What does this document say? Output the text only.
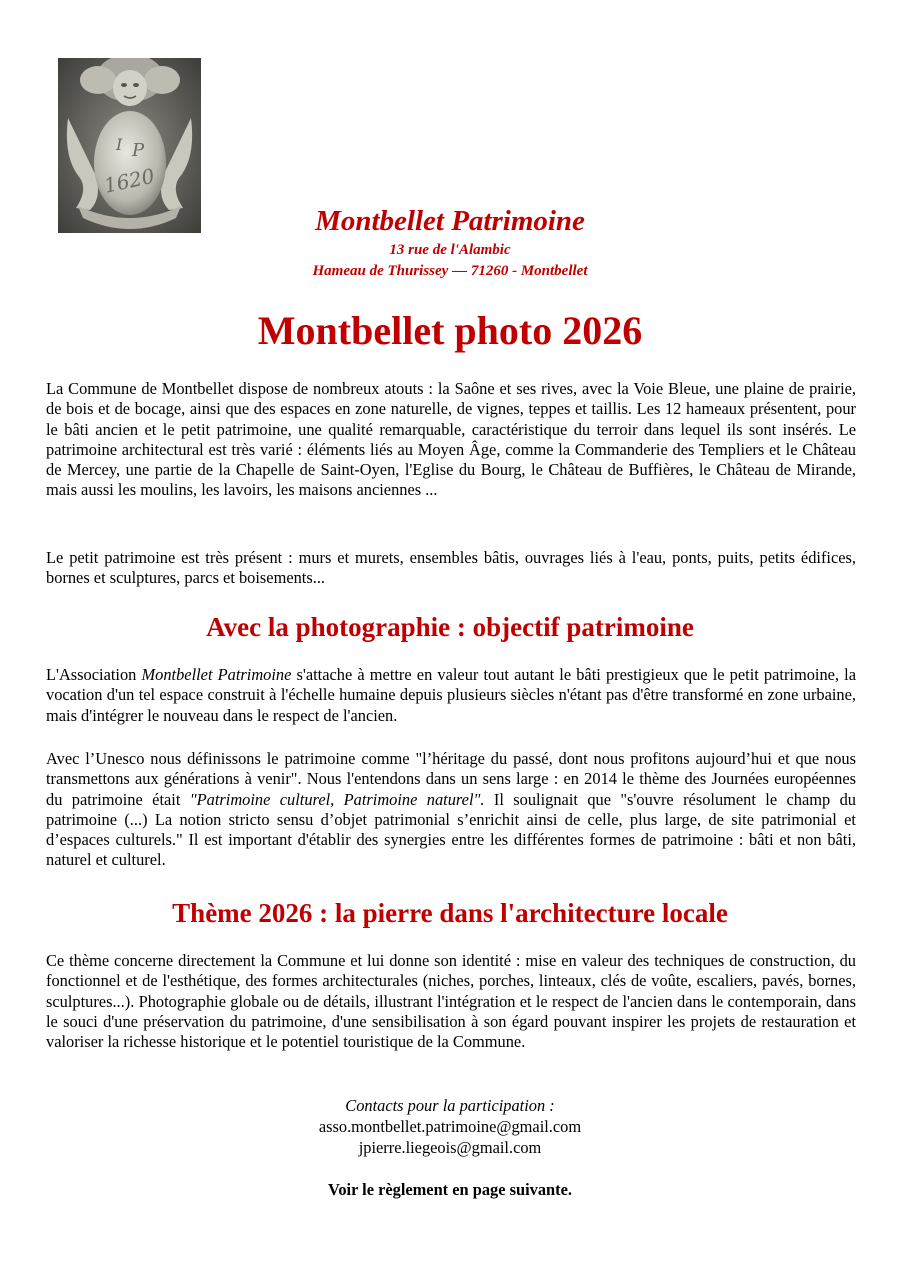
I P
1620
Montbellet Patrimoine
13 rue de l'Alambic
Hameau de Thurissey — 71260 - Montbellet
Montbellet photo 2026

La Commune de Montbellet dispose de nombreux atouts : la Saône et ses rives, avec la Voie Bleue, une plaine de prairie, de bois et de bocage, ainsi que des espaces en zone naturelle, de vignes, teppes et taillis. Les 12 hameaux présentent, pour le bâti ancien et le petit patrimoine, une qualité remarquable, caractéristique du terroir dans lequel ils sont insérés. Le patrimoine architectural est très varié : éléments liés au Moyen Âge, comme la Commanderie des Templiers et le Château de Mercey, une partie de la Chapelle de Saint-Oyen, l'Eglise du Bourg, le Château de Buffières, le Château de Mirande, mais aussi les moulins, les lavoirs, les maisons anciennes ...

Le petit patrimoine est très présent : murs et murets, ensembles bâtis, ouvrages liés à l'eau, ponts, puits, petits édifices, bornes et sculptures, parcs et boisements...

Avec la photographie : objectif patrimoine

L'Association Montbellet Patrimoine s'attache à mettre en valeur tout autant le bâti prestigieux que le petit patrimoine, la vocation d'un tel espace construit à l'échelle humaine depuis plusieurs siècles n'étant pas d'être transformé en zone urbaine, mais d'intégrer le nouveau dans le respect de l'ancien.

Avec l’Unesco nous définissons le patrimoine comme "l’héritage du passé, dont nous profitons aujourd’hui et que nous transmettons aux générations à venir". Nous l'entendons dans un sens large : en 2014 le thème des Journées européennes du patrimoine était "Patrimoine culturel, Patrimoine naturel". Il soulignait que "s'ouvre résolument le champ du patrimoine (...) La notion stricto sensu d’objet patrimonial s’enrichit ainsi de celle, plus large, de site patrimonial et d’espaces culturels." Il est important d'établir des synergies entre les différentes formes de patrimoine : bâti et non bâti, naturel et culturel.

Thème 2026 : la pierre dans l'architecture locale

Ce thème concerne directement la Commune et lui donne son identité : mise en valeur des techniques de construction, du fonctionnel et de l'esthétique, des formes architecturales (niches, porches, linteaux, clés de voûte, escaliers, pavés, bornes, sculptures...). Photographie globale ou de détails, illustrant l'intégration et le respect de l'ancien dans le contemporain, dans le souci d'une préservation du patrimoine, d'une sensibilisation à son égard pouvant inspirer les projets de restauration et valoriser la richesse historique et le potentiel touristique de la Commune.

Contacts pour la participation :
asso.montbellet.patrimoine@gmail.com
jpierre.liegeois@gmail.com
Voir le règlement en page suivante.
